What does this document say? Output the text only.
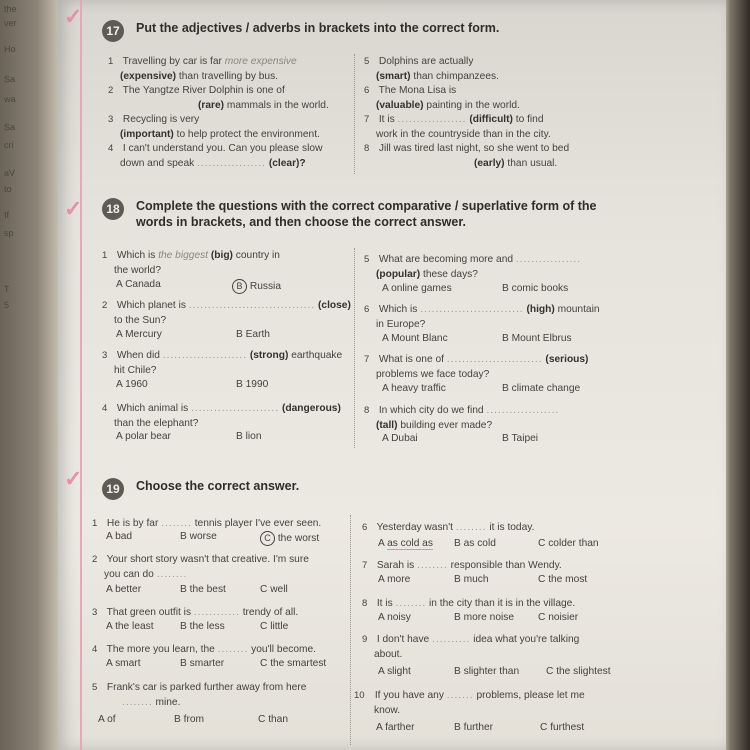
the
ver
Ho
Sa
wa
Sa
cri
aV
to
If
sp
T
5
✓
17	Put the adjectives / adverbs in brackets into the correct form.
1 Travelling by car is far more expensive
(expensive) than travelling by bus.
2 The Yangtze River Dolphin is one of
(rare) mammals in the world.
3 Recycling is very
(important) to help protect the environment.
4 I can't understand you. Can you please slow
down and speak .................. (clear)?
5 Dolphins are actually
(smart) than chimpanzees.
6 The Mona Lisa is
(valuable) painting in the world.
7 It is .................. (difficult) to find
work in the countryside than in the city.
8 Jill was tired last night, so she went to bed
(early) than usual.
✓	18	Complete the questions with the correct comparative / superlative form of the words in brackets, and then choose the correct answer.
1 Which is the biggest (big) country in
the world?
A Canada	B Russia
2 Which planet is ................................. (close)
to the Sun?
A Mercury	B Earth
3 When did ...................... (strong) earthquake
hit Chile?
A 1960	B 1990
4 Which animal is ....................... (dangerous)
than the elephant?
A polar bear	B lion
5 What are becoming more and .................
(popular) these days?
A online games	B comic books
6 Which is ........................... (high) mountain
in Europe?
A Mount Blanc	B Mount Elbrus
7 What is one of ......................... (serious)
problems we face today?
A heavy traffic	B climate change
8 In which city do we find ...................
(tall) building ever made?
A Dubai	B Taipei
✓	19	Choose the correct answer.
1 He is by far ........ tennis player I've ever seen.
A bad	B worse	C the worst
2 Your short story wasn't that creative. I'm sure
you can do ........
A better	B the best	C well
3 That green outfit is ............ trendy of all.
A the least	B the less	C little
4 The more you learn, the ........ you'll become.
A smart	B smarter	C the smartest
5 Frank's car is parked further away from here
........ mine.
A of	B from	C than
6 Yesterday wasn't ........ it is today.
A as cold as B as cold	C colder than
7 Sarah is ........ responsible than Wendy.
A more	B much	C the most
8 It is ........ in the city than it is in the village.
A noisy	B more noise C noisier
9 I don't have .......... idea what you're talking
about.
A slight	B slighter than	C the slightest
10 If you have any ....... problems, please let me
know.
A farther	B further	C furthest
